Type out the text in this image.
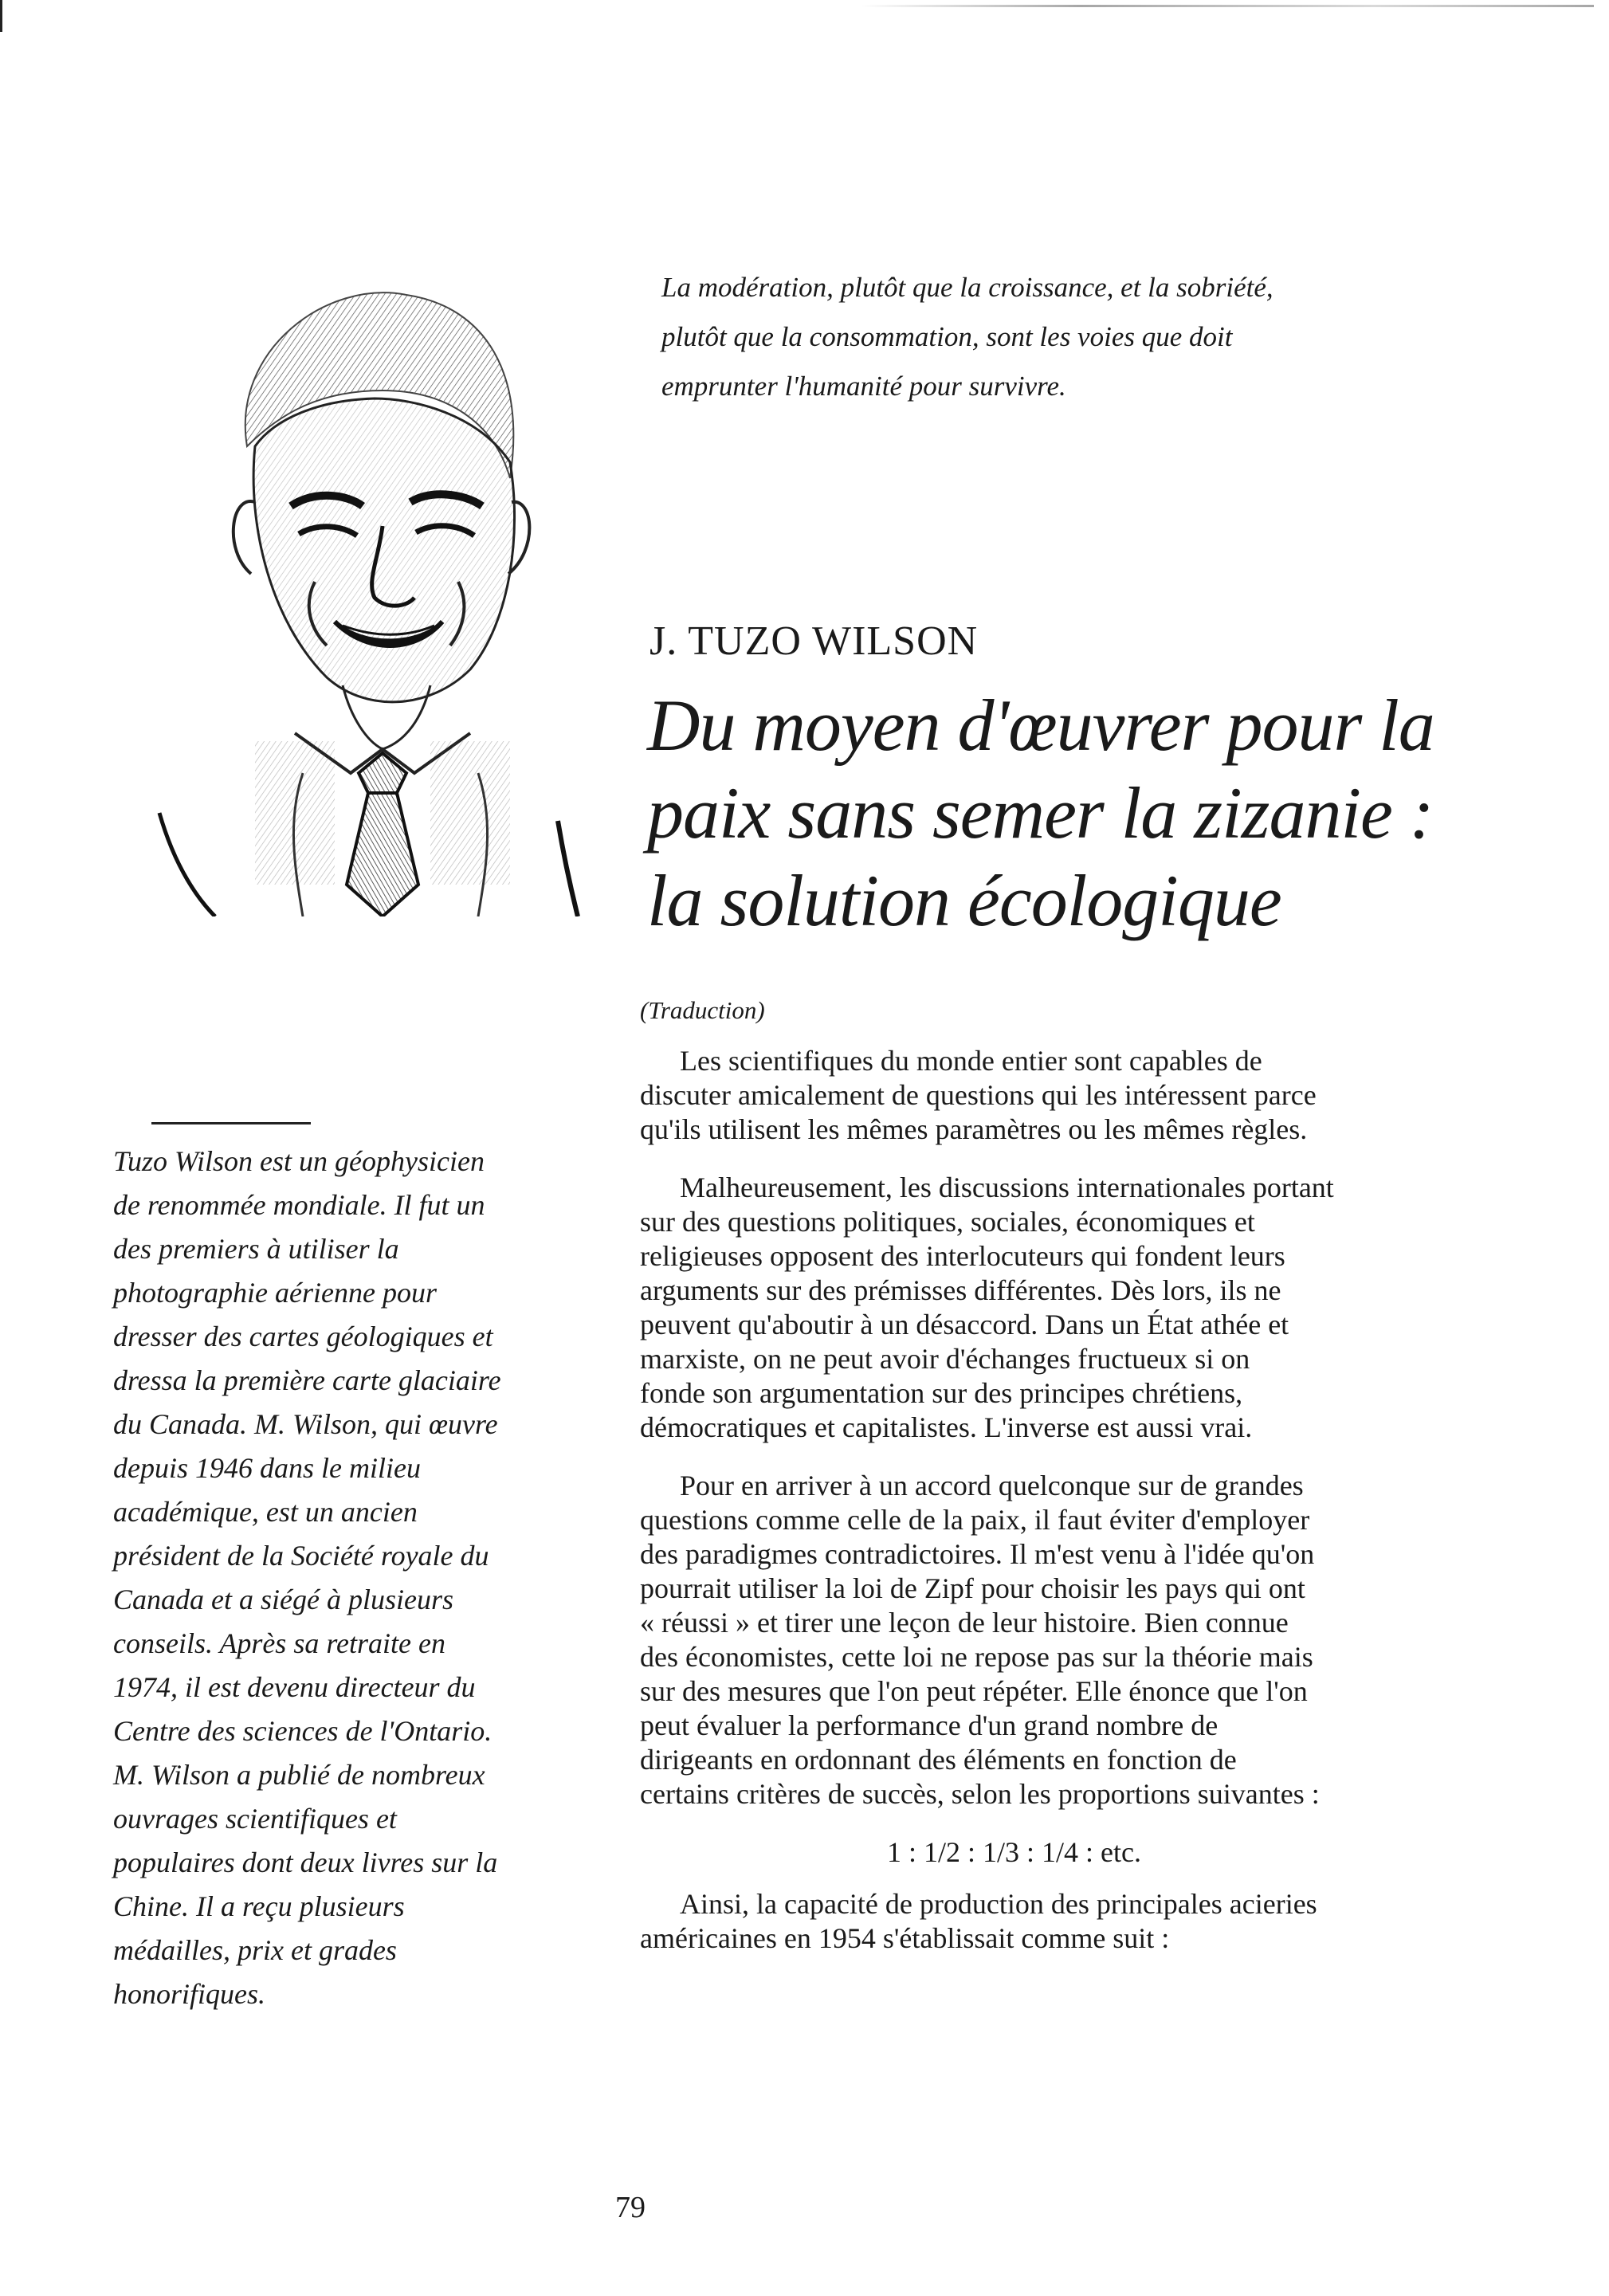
La modération, plutôt que la croissance, et la sobriété,
plutôt que la consommation, sont les voies que doit
emprunter l'humanité pour survivre.
J. TUZO WILSON
Du moyen d'œuvrer pour la
paix sans semer la zizanie :
la solution écologique
Tuzo Wilson est un géophysicien
de renommée mondiale. Il fut un
des premiers à utiliser la
photographie aérienne pour
dresser des cartes géologiques et
dressa la première carte glaciaire
du Canada. M. Wilson, qui œuvre
depuis 1946 dans le milieu
académique, est un ancien
président de la Société royale du
Canada et a siégé à plusieurs
conseils. Après sa retraite en
1974, il est devenu directeur du
Centre des sciences de l'Ontario.
M. Wilson a publié de nombreux
ouvrages scientifiques et
populaires dont deux livres sur la
Chine. Il a reçu plusieurs
médailles, prix et grades
honorifiques.
(Traduction)
Les scientifiques du monde entier sont capables de
discuter amicalement de questions qui les intéressent parce
qu'ils utilisent les mêmes paramètres ou les mêmes règles.
Malheureusement, les discussions internationales portant
sur des questions politiques, sociales, économiques et
religieuses opposent des interlocuteurs qui fondent leurs
arguments sur des prémisses différentes. Dès lors, ils ne
peuvent qu'aboutir à un désaccord. Dans un État athée et
marxiste, on ne peut avoir d'échanges fructueux si on
fonde son argumentation sur des principes chrétiens,
démocratiques et capitalistes. L'inverse est aussi vrai.
Pour en arriver à un accord quelconque sur de grandes
questions comme celle de la paix, il faut éviter d'employer
des paradigmes contradictoires. Il m'est venu à l'idée qu'on
pourrait utiliser la loi de Zipf pour choisir les pays qui ont
« réussi » et tirer une leçon de leur histoire. Bien connue
des économistes, cette loi ne repose pas sur la théorie mais
sur des mesures que l'on peut répéter. Elle énonce que l'on
peut évaluer la performance d'un grand nombre de
dirigeants en ordonnant des éléments en fonction de
certains critères de succès, selon les proportions suivantes :
1 : 1/2 : 1/3 : 1/4 : etc.
Ainsi, la capacité de production des principales acieries
américaines en 1954 s'établissait comme suit :
79
